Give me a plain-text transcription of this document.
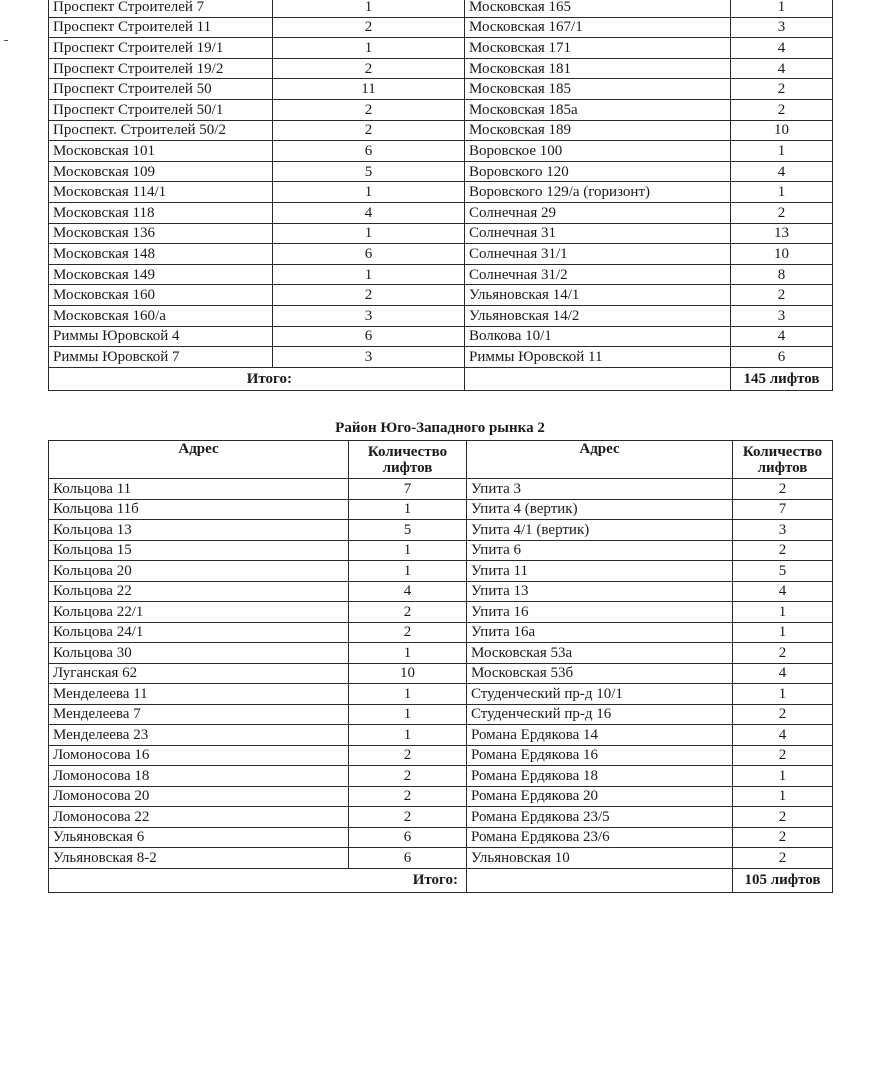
Проспект Строителей 7	1	Московская 165	1
Проспект Строителей 11	2	Московская 167/1	3
Проспект Строителей 19/1	1	Московская 171	4
Проспект Строителей 19/2	2	Московская 181	4
Проспект Строителей 50	11	Московская 185	2
Проспект Строителей 50/1	2	Московская 185а	2
Проспект. Строителей 50/2	2	Московская 189	10
Московская 101	6	Воровское 100	1
Московская 109	5	Воровского 120	4
Московская 114/1	1	Воровского 129/а (горизонт)	1
Московская 118	4	Солнечная 29	2
Московская 136	1	Солнечная 31	13
Московская 148	6	Солнечная 31/1	10
Московская 149	1	Солнечная 31/2	8
Московская 160	2	Ульяновская 14/1	2
Московская 160/а	3	Ульяновская 14/2	3
Риммы Юровской 4	6	Волкова 10/1	4
Риммы Юровской 7	3	Риммы Юровской 11	6
Итого:			145 лифтов
Район Юго-Западного рынка 2
Адрес	Количество лифтов	Адрес	Количество лифтов
Кольцова 11	7	Упита 3	2
Кольцова 11б	1	Упита 4 (вертик)	7
Кольцова 13	5	Упита 4/1 (вертик)	3
Кольцова 15	1	Упита 6	2
Кольцова 20	1	Упита 11	5
Кольцова 22	4	Упита 13	4
Кольцова 22/1	2	Упита 16	1
Кольцова 24/1	2	Упита 16а	1
Кольцова 30	1	Московская 53а	2
Луганская 62	10	Московская 53б	4
Менделеева 11	1	Студенческий пр-д 10/1	1
Менделеева 7	1	Студенческий пр-д 16	2
Менделеева 23	1	Романа Ердякова 14	4
Ломоносова 16	2	Романа Ердякова 16	2
Ломоносова 18	2	Романа Ердякова 18	1
Ломоносова 20	2	Романа Ердякова 20	1
Ломоносова 22	2	Романа Ердякова 23/5	2
Ульяновская 6	6	Романа Ердякова 23/6	2
Ульяновская 8-2	6	Ульяновская 10	2
Итого:			105 лифтов
